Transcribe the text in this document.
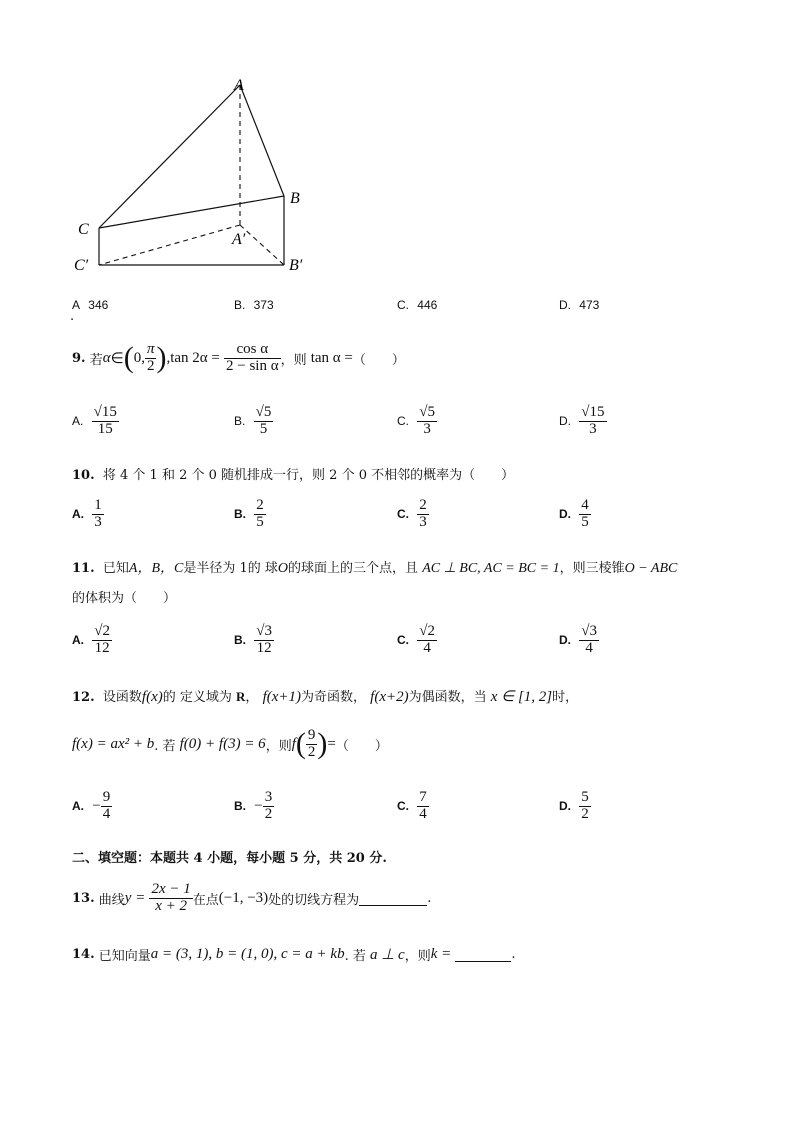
A
B
C
A′
C′	B′
A 346
.
B. 373	C. 446	D. 473
9.
若 α ∈ ( 0, $\frac{\pi}{2}$ ) ,tan 2α =
$\frac{\text{cos α}}{\text{2 − sin α}}$ ，则
tan α = （　　）
A.
$\frac{√15}{15}$	B.
$\frac{√5}{5}$	C.
$\frac{√5}{3}$	D.
$\frac{√15}{3}$
10. 将 4 个 1 和 2 个 0 随机排成一行，则 2 个 0 不相邻的概率为（　　）
A.
$\frac{1}{3}$	B.
$\frac{2}{5}$	C.
$\frac{2}{3}$	D.
$\frac{4}{5}$
11. 已知A，B，C是半径为 1的 球O的球面上的三个点，且 AC ⊥ BC, AC = BC = 1，则三棱锥O − ABC
的体积为（　　）
A.
$\frac{√2}{12}$	B.
$\frac{√3}{12}$	C.
$\frac{√2}{4}$	D.
$\frac{√3}{4}$
12. 设函数f(x)的 定义域为 R， f(x+1)为奇函数， f(x+2)为偶函数，当 x ∈ [1, 2]时，
f(x) = ax² + b . 若
f(0) + f(3) = 6 ，则 f ( $\frac{9}{2}$ ) = （　　）
A.
− $\frac{9}{4}$	B.
− $\frac{3}{2}$	C.
$\frac{7}{4}$	D.
$\frac{5}{2}$
二、填空题：本题共 4 小题，每小题 5 分，共 20 分.
13.
曲线 y =
$\frac{2x - 1}{x + 2}$ 在点 (−1, −3) 处的切线方程为	.
14.
已知向量 a = (3, 1), b = (1, 0), c = a + kb . 若
a ⊥ c ，则 k =
	.
